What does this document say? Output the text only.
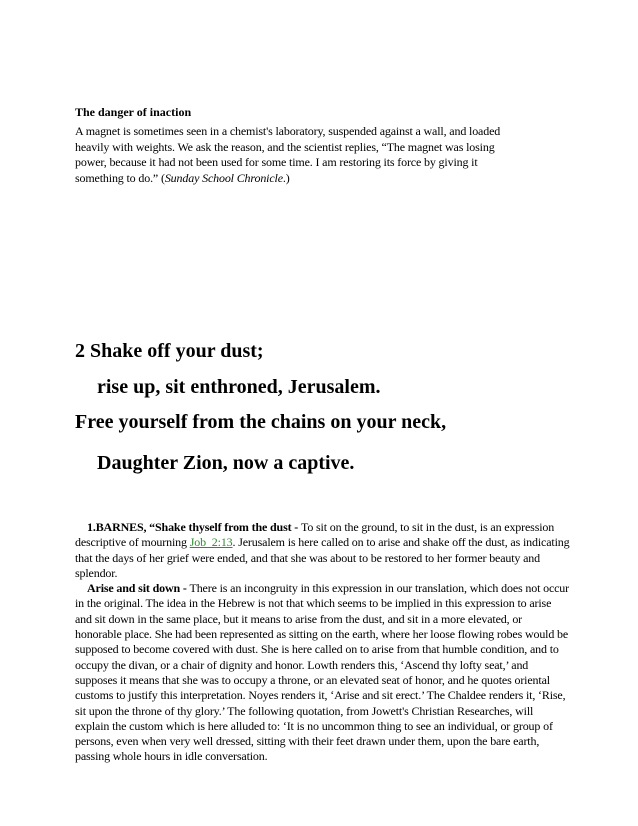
The danger of inaction
A magnet is sometimes seen in a chemist's laboratory, suspended against a wall, and loaded
heavily with weights. We ask the reason, and the scientist replies, “The magnet was losing
power, because it had not been used for some time. I am restoring its force by giving it
something to do.” (Sunday School Chronicle.)
2 Shake off your dust;
rise up, sit enthroned, Jerusalem.
Free yourself from the chains on your neck,
Daughter Zion, now a captive.

1.BARNES, “Shake thyself from the dust - To sit on the ground, to sit in the dust, is an expression descriptive of mourning Job_2:13. Jerusalem is here called on to arise and shake off the dust, as indicating that the days of her grief were ended, and that she was about to be restored to her former beauty and splendor.

Arise and sit down - There is an incongruity in this expression in our translation, which does not occur in the original. The idea in the Hebrew is not that which seems to be implied in this expression to arise and sit down in the same place, but it means to arise from the dust, and sit in a more elevated, or honorable place. She had been represented as sitting on the earth, where her loose flowing robes would be supposed to become covered with dust. She is here called on to arise from that humble condition, and to occupy the divan, or a chair of dignity and honor. Lowth renders this, ‘Ascend thy lofty seat,’ and supposes it means that she was to occupy a throne, or an elevated seat of honor, and he quotes oriental customs to justify this interpretation. Noyes renders it, ‘Arise and sit erect.’ The Chaldee renders it, ‘Rise, sit upon the throne of thy glory.’ The following quotation, from Jowett's Christian Researches, will explain the custom which is here alluded to: ‘It is no uncommon thing to see an individual, or group of persons, even when very well dressed, sitting with their feet drawn under them, upon the bare earth, passing whole hours in idle conversation.
